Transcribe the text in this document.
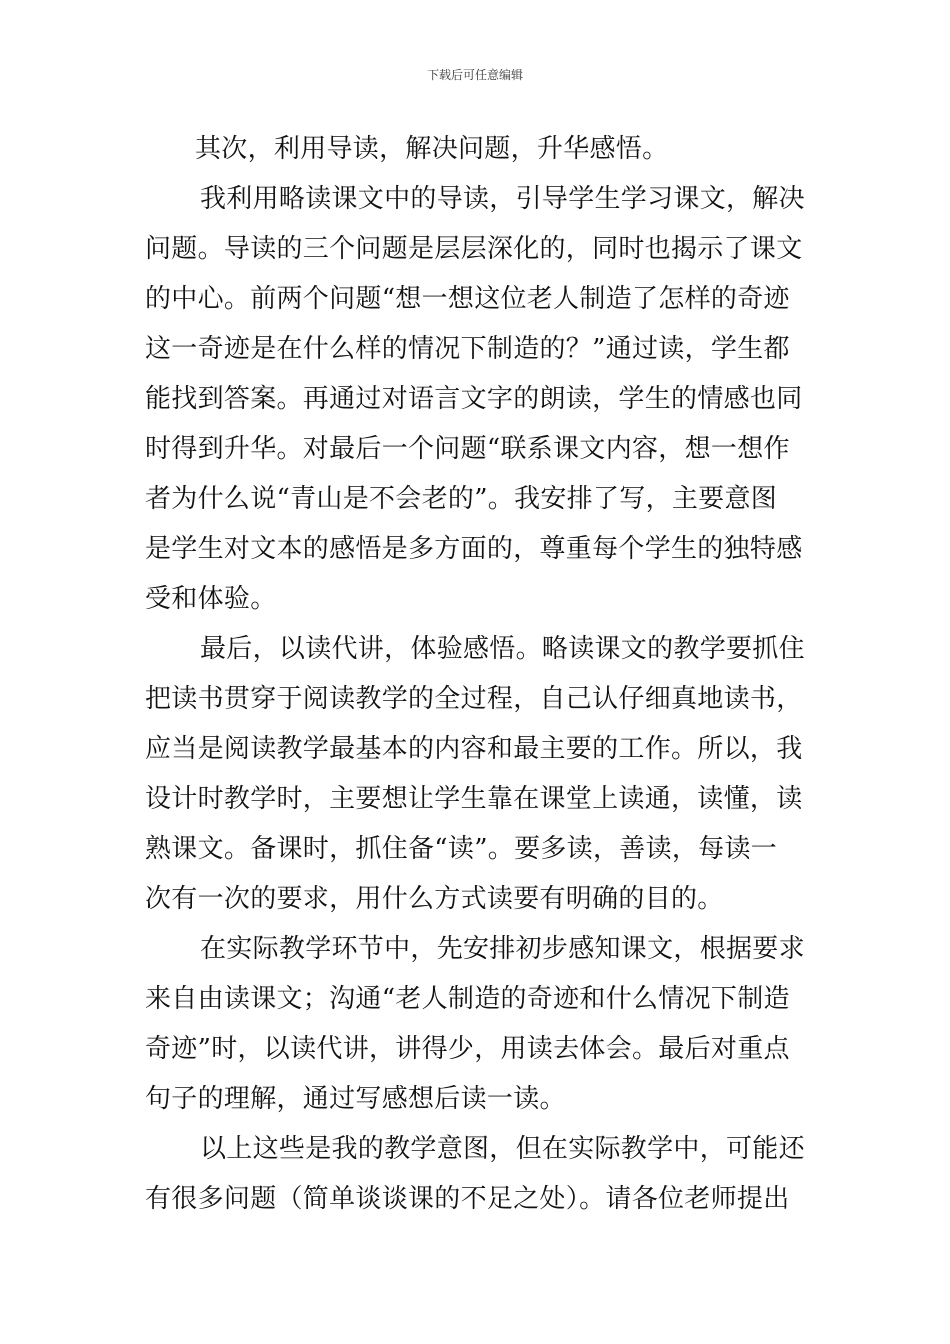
下载后可任意编辑
其次，利用导读，解决问题，升华感悟。
我利用略读课文中的导读，引导学生学习课文，解决
问题。导读的三个问题是层层深化的，同时也揭示了课文
的中心。前两个问题“想一想这位老人制造了怎样的奇迹
这一奇迹是在什么样的情况下制造的？”通过读，学生都
能找到答案。再通过对语言文字的朗读，学生的情感也同
时得到升华。对最后一个问题“联系课文内容，想一想作
者为什么说“青山是不会老的”。我安排了写，主要意图
是学生对文本的感悟是多方面的，尊重每个学生的独特感
受和体验。
最后，以读代讲，体验感悟。略读课文的教学要抓住
把读书贯穿于阅读教学的全过程，自己认仔细真地读书，
应当是阅读教学最基本的内容和最主要的工作。所以，我
设计时教学时，主要想让学生靠在课堂上读通，读懂，读
熟课文。备课时，抓住备“读”。要多读，善读，每读一
次有一次的要求，用什么方式读要有明确的目的。
在实际教学环节中，先安排初步感知课文，根据要求
来自由读课文；沟通“老人制造的奇迹和什么情况下制造
奇迹”时，以读代讲，讲得少，用读去体会。最后对重点
句子的理解，通过写感想后读一读。
以上这些是我的教学意图，但在实际教学中，可能还
有很多问题（简单谈谈课的不足之处）。请各位老师提出
